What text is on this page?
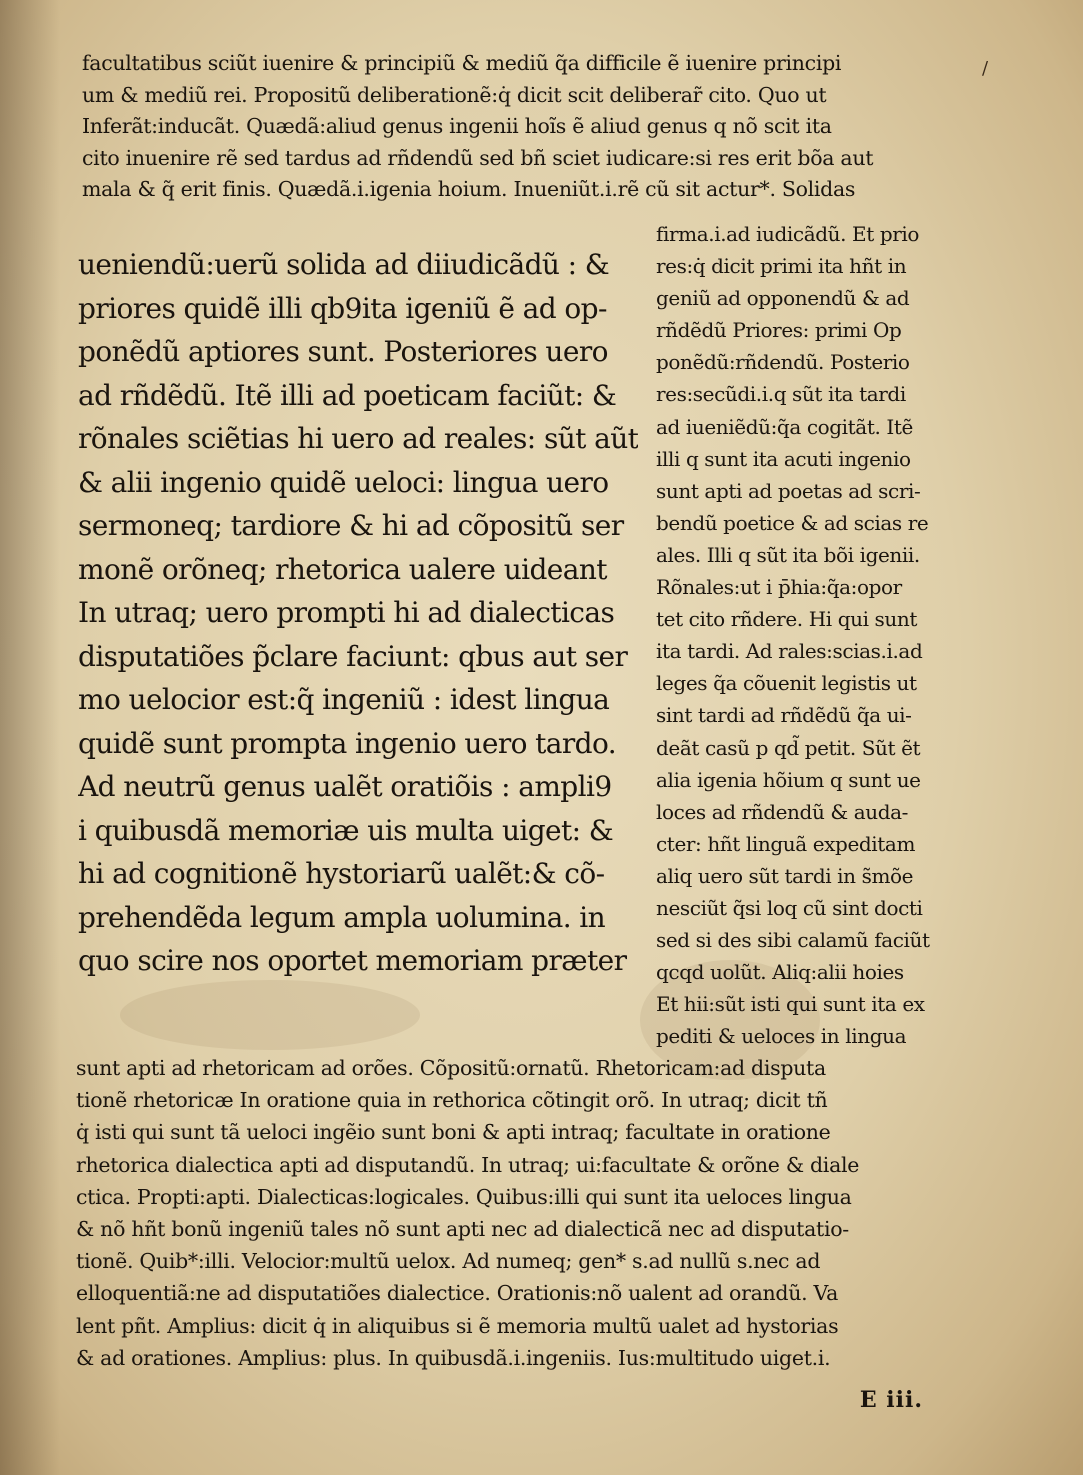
/
facultatibus sciũt iuenire & principiũ & mediũ q̃a difficile ẽ iuenire principi
um & mediũ rei. Propositũ deliberationẽ:q̇ dicit scit deliberar̃ cito. Quo ut
Inferãt:inducãt. Quædã:aliud genus ingenii hoĩs ẽ aliud genus q nõ scit ita
cito inuenire rẽ sed tardus ad rñdendũ sed bñ sciet iudicare:si res erit bõa aut
mala & q̃ erit finis. Quædã.i.igenia hoium. Inueniũt.i.rẽ cũ sit actur*. Solidas
ueniendũ:uerũ solida ad diiudicãdũ : &
priores quidẽ illi qb9ita igeniũ ẽ ad op-
ponẽdũ aptiores sunt. Posteriores uero
ad rñdẽdũ. Itẽ illi ad poeticam faciũt: &
rõnales sciẽtias hi uero ad reales: sũt aũt
& alii ingenio quidẽ ueloci: lingua uero
sermoneq; tardiore & hi ad cõpositũ ser
monẽ orõneq; rhetorica ualere uideant
In utraq; uero prompti hi ad dialecticas
disputatiões p̃clare faciunt: qbus aut ser
mo uelocior est:q̃ ingeniũ : idest lingua
quidẽ sunt prompta ingenio uero tardo.
Ad neutrũ genus ualẽt oratiõis : ampli9
i quibusdã memoriæ uis multa uiget: &
hi ad cognitionẽ hystoriarũ ualẽt:& cõ-
prehendẽda legum ampla uolumina. in
quo scire nos oportet memoriam præter
firma.i.ad iudicãdũ. Et prio
res:q̇ dicit primi ita hñt in
geniũ ad opponendũ & ad
rñdẽdũ Priores: primi Op
ponẽdũ:rñdendũ. Posterio
res:secũdi.i.q sũt ita tardi
ad iueniẽdũ:q̃a cogitãt. Itẽ
illi q sunt ita acuti ingenio
sunt apti ad poetas ad scri-
bendũ poetice & ad scias re
ales. Illi q sũt ita bõi igenii.
Rõnales:ut i p̄hia:q̃a:opor
tet cito rñdere. Hi qui sunt
ita tardi. Ad rales:scias.i.ad
leges q̃a cõuenit legistis ut
sint tardi ad rñdẽdũ q̃a ui-
deãt casũ p qd̃ petit. Sũt ẽt
alia igenia hõium q sunt ue
loces ad rñdendũ & auda-
cter: hñt linguã expeditam
aliq uero sũt tardi in s̃mõe
nesciũt q̃si loq cũ sint docti
sed si des sibi calamũ faciũt
qcqd uolũt. Aliq:alii hoies
Et hii:sũt isti qui sunt ita ex
pediti & ueloces in lingua
sunt apti ad rhetoricam ad orões. Cõpositũ:ornatũ. Rhetoricam:ad disputa
tionẽ rhetoricæ In oratione quia in rethorica cõtingit orõ. In utraq; dicit tñ
q̇ isti qui sunt tã ueloci ingẽio sunt boni & apti intraq; facultate in oratione
rhetorica dialectica apti ad disputandũ. In utraq; ui:facultate & orõne & diale
ctica. Propti:apti. Dialecticas:logicales. Quibus:illi qui sunt ita ueloces lingua
& nõ hñt bonũ ingeniũ tales nõ sunt apti nec ad dialecticã nec ad disputatio-
tionẽ. Quib*:illi. Velocior:multũ uelox. Ad numeq; gen* s.ad nullũ s.nec ad
elloquentiã:ne ad disputatiões dialectice. Orationis:nõ ualent ad orandũ. Va
lent pñt. Amplius: dicit q̇ in aliquibus si ẽ memoria multũ ualet ad hystorias
& ad orationes. Amplius: plus. In quibusdã.i.ingeniis. Ius:multitudo uiget.i.
E iii.
